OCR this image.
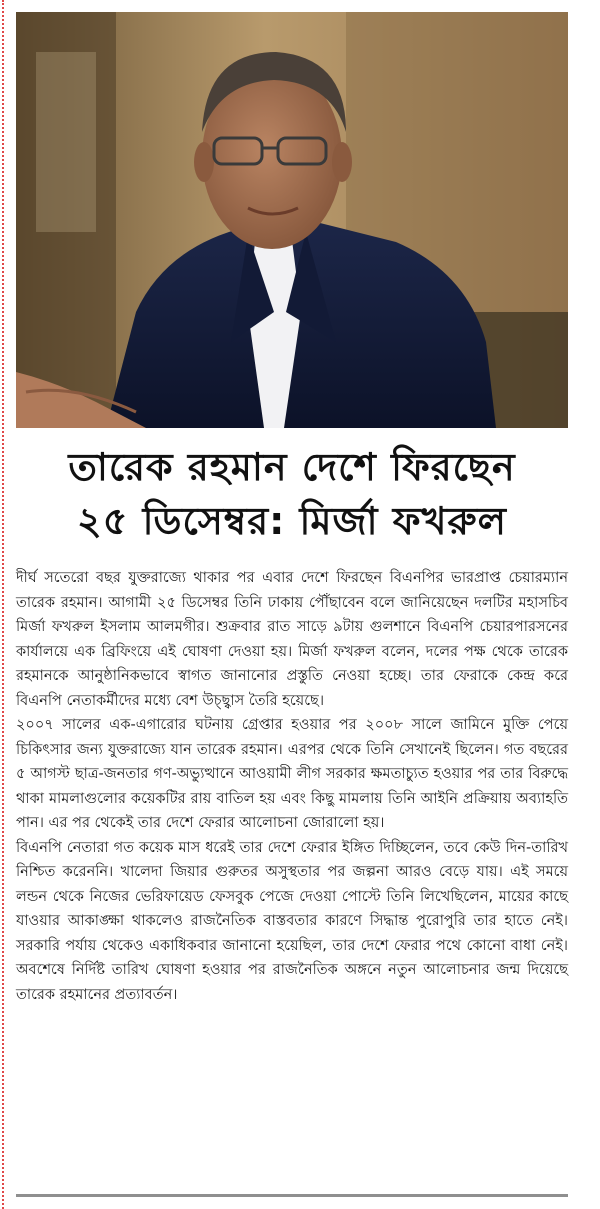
তারেক রহমান দেশে ফিরছেন
২৫ ডিসেম্বর: মির্জা ফখরুল

দীর্ঘ সতেরো বছর যুক্তরাজ্যে থাকার পর এবার দেশে ফিরছেন বিএনপির ভারপ্রাপ্ত চেয়ারম্যান তারেক রহমান। আগামী ২৫ ডিসেম্বর তিনি ঢাকায় পৌঁছাবেন বলে জানিয়েছেন দলটির মহাসচিব মির্জা ফখরুল ইসলাম আলমগীর। শুক্রবার রাত সাড়ে ৯টায় গুলশানে বিএনপি চেয়ারপারসনের কার্যালয়ে এক ব্রিফিংয়ে এই ঘোষণা দেওয়া হয়। মির্জা ফখরুল বলেন, দলের পক্ষ থেকে তারেক রহমানকে আনুষ্ঠানিকভাবে স্বাগত জানানোর প্রস্তুতি নেওয়া হচ্ছে। তার ফেরাকে কেন্দ্র করে বিএনপি নেতাকর্মীদের মধ্যে বেশ উচ্ছ্বাস তৈরি হয়েছে।

২০০৭ সালের এক-এগারোর ঘটনায় গ্রেপ্তার হওয়ার পর ২০০৮ সালে জামিনে মুক্তি পেয়ে চিকিৎসার জন্য যুক্তরাজ্যে যান তারেক রহমান। এরপর থেকে তিনি সেখানেই ছিলেন। গত বছরের ৫ আগস্ট ছাত্র-জনতার গণ-অভ্যুত্থানে আওয়ামী লীগ সরকার ক্ষমতাচ্যুত হওয়ার পর তার বিরুদ্ধে থাকা মামলাগুলোর কয়েকটির রায় বাতিল হয় এবং কিছু মামলায় তিনি আইনি প্রক্রিয়ায় অব্যাহতি পান। এর পর থেকেই তার দেশে ফেরার আলোচনা জোরালো হয়।

বিএনপি নেতারা গত কয়েক মাস ধরেই তার দেশে ফেরার ইঙ্গিত দিচ্ছিলেন, তবে কেউ দিন-তারিখ নিশ্চিত করেননি। খালেদা জিয়ার গুরুতর অসুস্থতার পর জল্পনা আরও বেড়ে যায়। এই সময়ে লন্ডন থেকে নিজের ভেরিফায়েড ফেসবুক পেজে দেওয়া পোস্টে তিনি লিখেছিলেন, মায়ের কাছে যাওয়ার আকাঙ্ক্ষা থাকলেও রাজনৈতিক বাস্তবতার কারণে সিদ্ধান্ত পুরোপুরি তার হাতে নেই। সরকারি পর্যায় থেকেও একাধিকবার জানানো হয়েছিল, তার দেশে ফেরার পথে কোনো বাধা নেই। অবশেষে নির্দিষ্ট তারিখ ঘোষণা হওয়ার পর রাজনৈতিক অঙ্গনে নতুন আলোচনার জন্ম দিয়েছে তারেক রহমানের প্রত্যাবর্তন।
